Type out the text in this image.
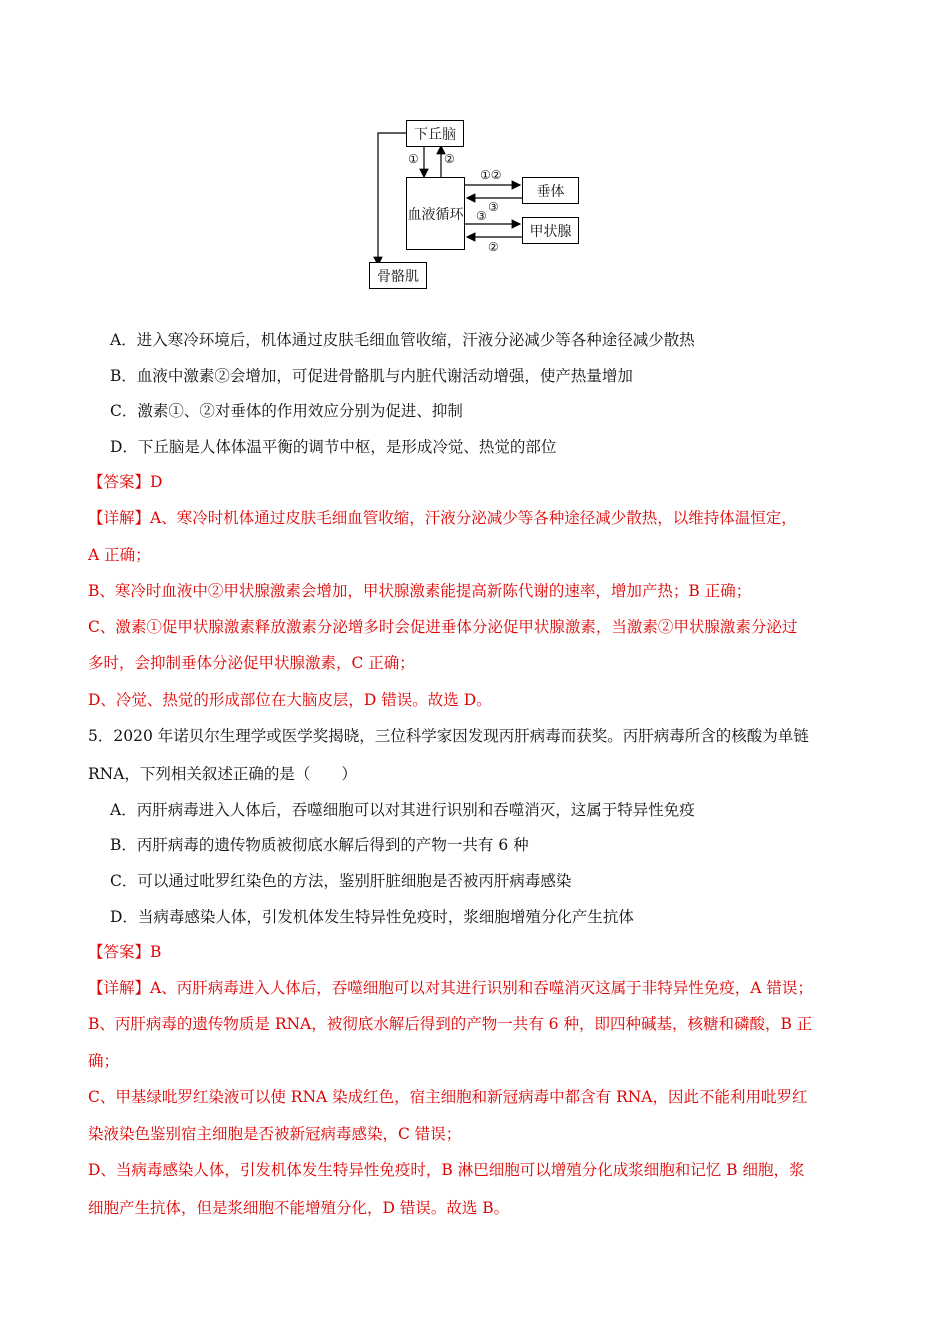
下丘脑
血液循环
垂体
甲状腺
骨骼肌
① ②
①②
③
③
②
A．进入寒冷环境后，机体通过皮肤毛细血管收缩，汗液分泌减少等各种途径减少散热
B．血液中激素②会增加，可促进骨骼肌与内脏代谢活动增强，使产热量增加
C．激素①、②对垂体的作用效应分别为促进、抑制
D．下丘脑是人体体温平衡的调节中枢，是形成冷觉、热觉的部位
【答案】D
【详解】A、寒冷时机体通过皮肤毛细血管收缩，汗液分泌减少等各种途径减少散热，以维持体温恒定，
A 正确；
B、寒冷时血液中②甲状腺激素会增加，甲状腺激素能提高新陈代谢的速率，增加产热；B 正确；
C、激素①促甲状腺激素释放激素分泌增多时会促进垂体分泌促甲状腺激素，当激素②甲状腺激素分泌过
多时，会抑制垂体分泌促甲状腺激素，C 正确；
D、冷觉、热觉的形成部位在大脑皮层，D 错误。故选 D。
5．2020 年诺贝尔生理学或医学奖揭晓，三位科学家因发现丙肝病毒而获奖。丙肝病毒所含的核酸为单链
RNA，下列相关叙述正确的是（　　）
A．丙肝病毒进入人体后，吞噬细胞可以对其进行识别和吞噬消灭，这属于特异性免疫
B．丙肝病毒的遗传物质被彻底水解后得到的产物一共有 6 种
C．可以通过吡罗红染色的方法，鉴别肝脏细胞是否被丙肝病毒感染
D．当病毒感染人体，引发机体发生特异性免疫时，浆细胞增殖分化产生抗体
【答案】B
【详解】A、丙肝病毒进入人体后，吞噬细胞可以对其进行识别和吞噬消灭这属于非特异性免疫，A 错误；
B、丙肝病毒的遗传物质是 RNA，被彻底水解后得到的产物一共有 6 种，即四种碱基，核糖和磷酸，B 正
确；
C、甲基绿吡罗红染液可以使 RNA 染成红色，宿主细胞和新冠病毒中都含有 RNA，因此不能利用吡罗红
染液染色鉴别宿主细胞是否被新冠病毒感染，C 错误；
D、当病毒感染人体，引发机体发生特异性免疫时，B 淋巴细胞可以增殖分化成浆细胞和记忆 B 细胞，浆
细胞产生抗体，但是浆细胞不能增殖分化，D 错误。故选 B。
